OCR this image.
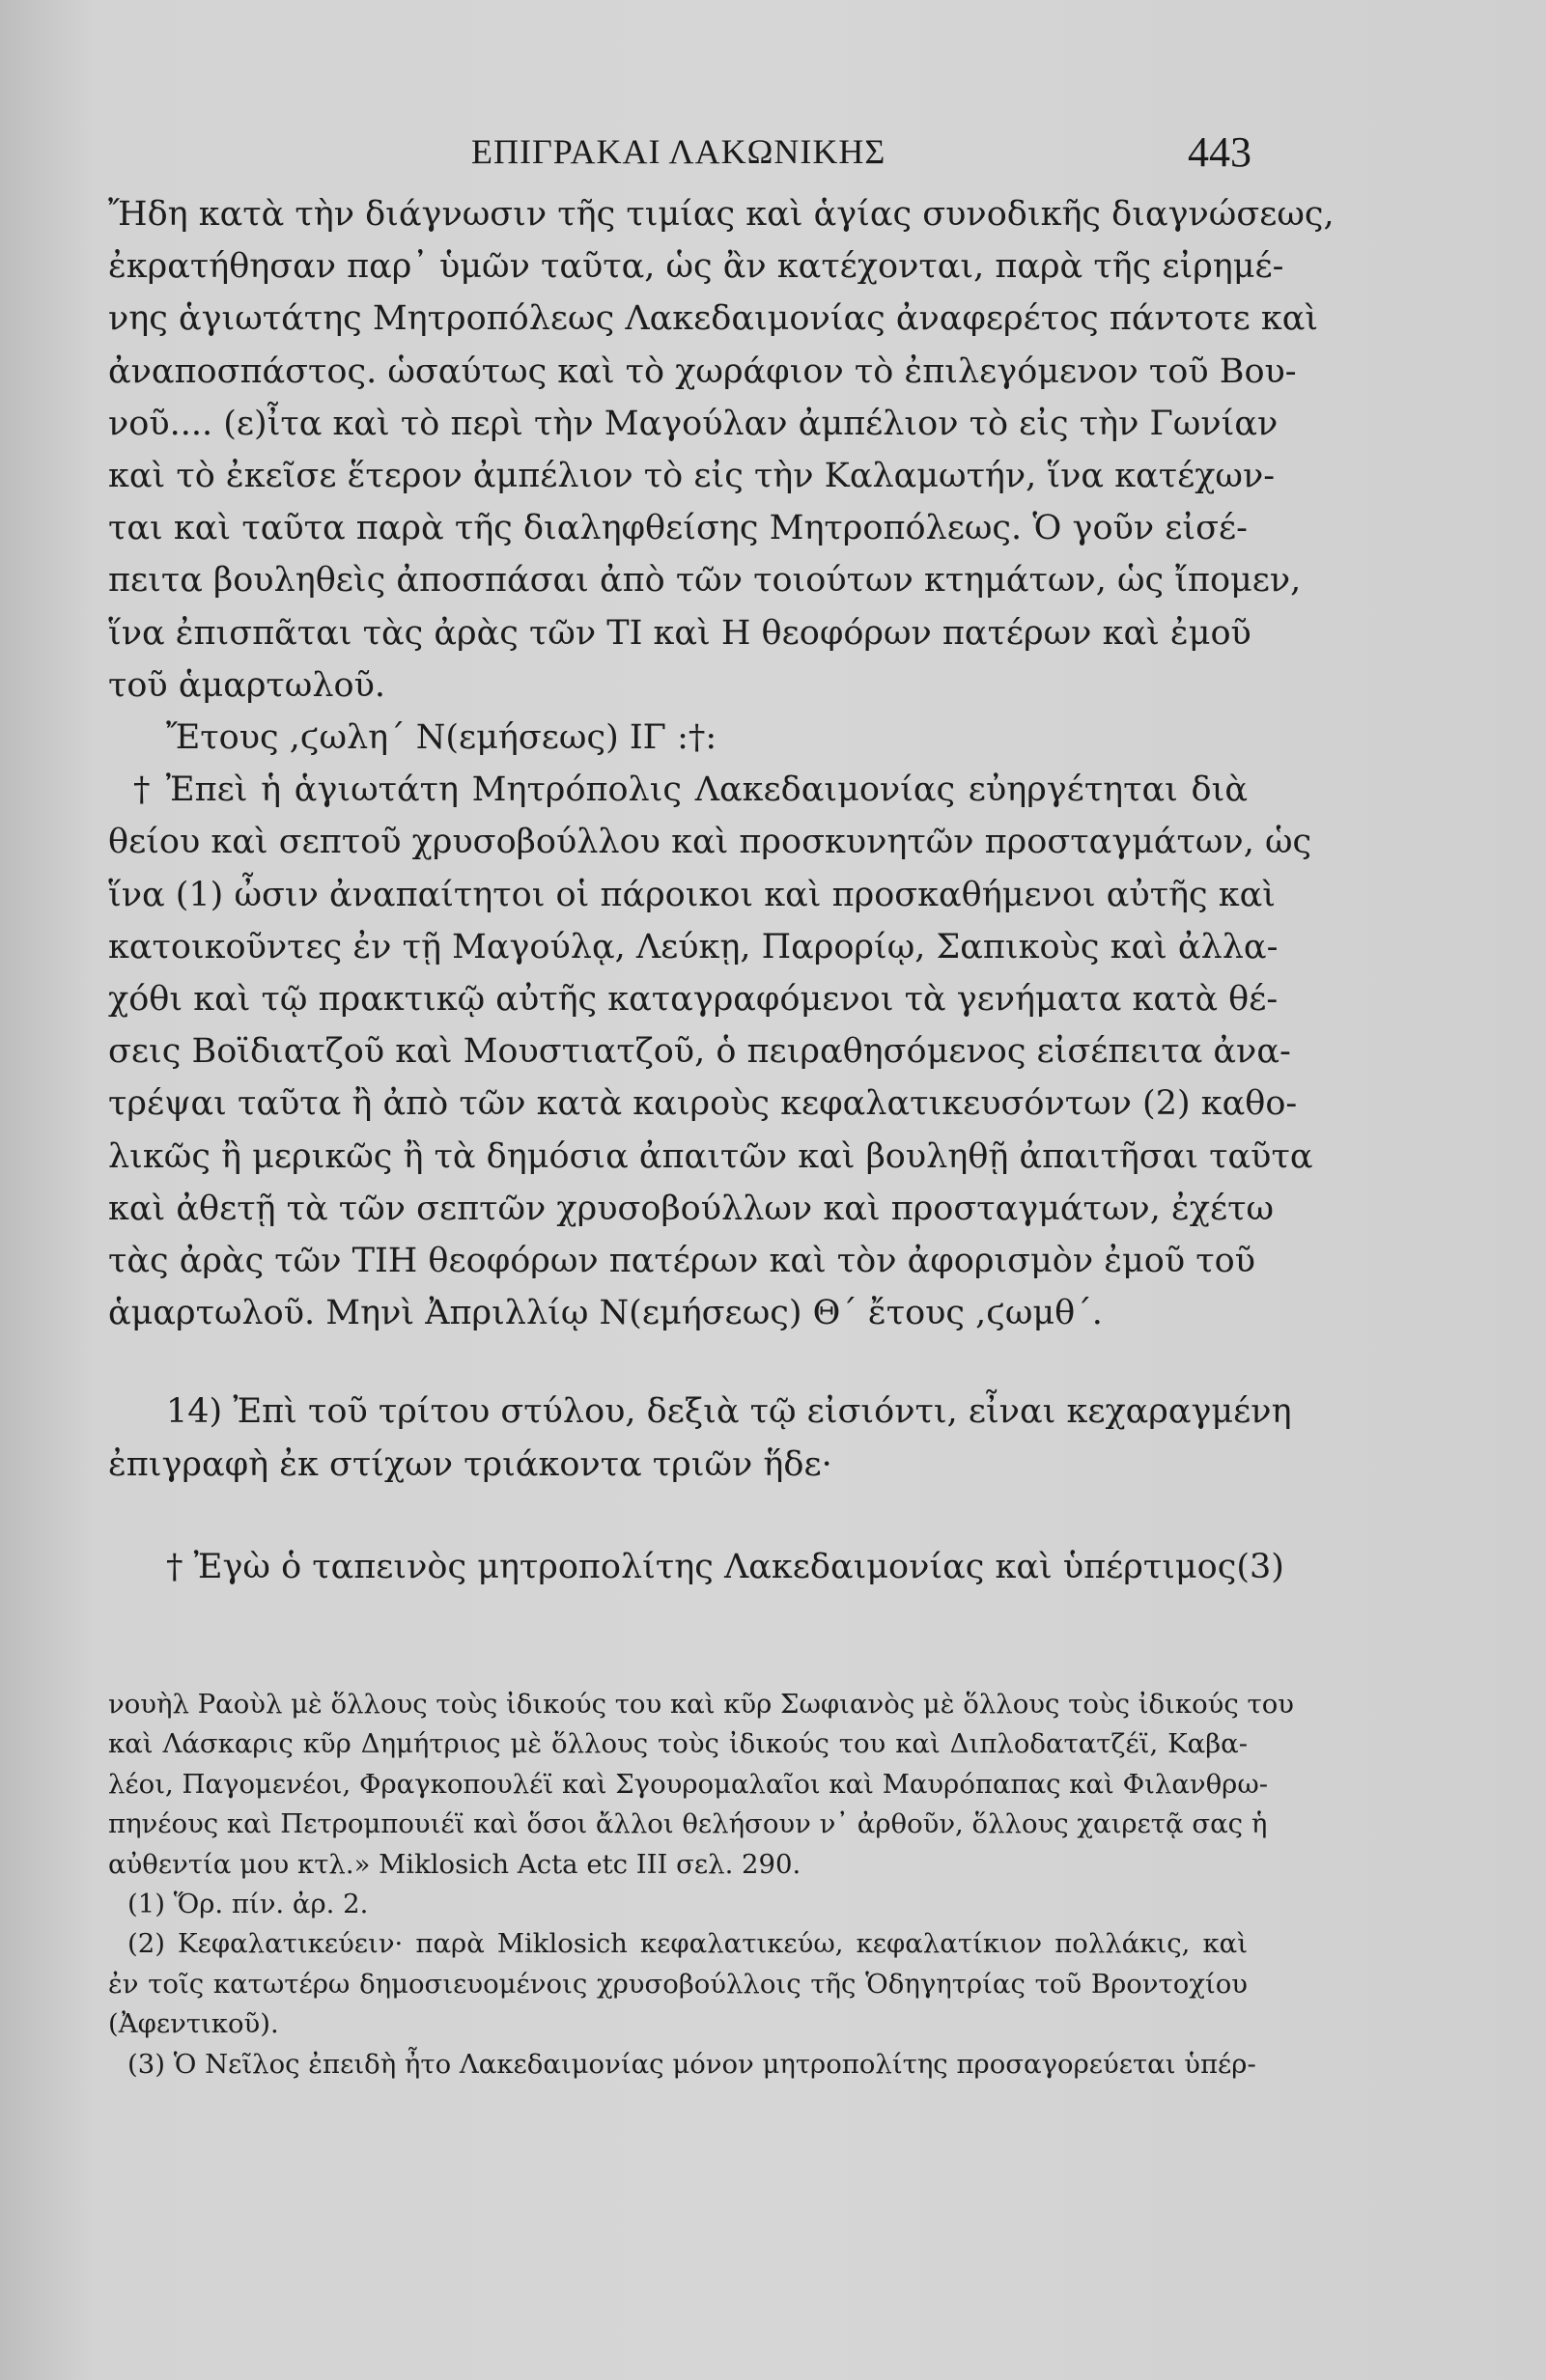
ΕΠΙΓΡΑΚΑΙ ΛΑΚΩΝΙΚΗΣ	443
Ἤδη κατὰ τὴν διάγνωσιν τῆς τιμίας καὶ ἁγίας συνοδικῆς διαγνώσεως,
ἐκρατήθησαν παρ᾽ ὑμῶν ταῦτα, ὡς ἂν κατέχονται, παρὰ τῆς εἰρημέ-
νης ἁγιωτάτης Μητροπόλεως Λακεδαιμονίας ἀναφερέτος πάντοτε καὶ
ἀναποσπάστος. ὡσαύτως καὶ τὸ χωράφιον τὸ ἐπιλεγόμενον τοῦ Βου-
νοῦ.... (ε)ἶτα καὶ τὸ περὶ τὴν Μαγούλαν ἀμπέλιον τὸ εἰς τὴν Γωνίαν
καὶ τὸ ἐκεῖσε ἕτερον ἀμπέλιον τὸ εἰς τὴν Καλαμωτήν, ἵνα κατέχων-
ται καὶ ταῦτα παρὰ τῆς διαληφθείσης Μητροπόλεως. Ὁ γοῦν εἰσέ-
πειτα βουληθεὶς ἀποσπάσαι ἀπὸ τῶν τοιούτων κτημάτων, ὡς ἴπομεν,
ἵνα ἐπισπᾶται τὰς ἀρὰς τῶν ΤΙ καὶ Η θεοφόρων πατέρων καὶ ἐμοῦ
τοῦ ἁμαρτωλοῦ.
Ἔτους ,ϛωλη΄ Ν(εμήσεως) ΙΓ :†:
† Ἐπεὶ ἡ ἁγιωτάτη Μητρόπολις Λακεδαιμονίας εὐηργέτηται διὰ
θείου καὶ σεπτοῦ χρυσοβούλλου καὶ προσκυνητῶν προσταγμάτων, ὡς
ἵνα (1) ὦσιν ἀναπαίτητοι οἱ πάροικοι καὶ προσκαθήμενοι αὐτῆς καὶ
κατοικοῦντες ἐν τῇ Μαγούλᾳ, Λεύκῃ, Παρορίῳ, Σαπικοὺς καὶ ἀλλα-
χόθι καὶ τῷ πρακτικῷ αὐτῆς καταγραφόμενοι τὰ γενήματα κατὰ θέ-
σεις Βοϊδιατζοῦ καὶ Μουστιατζοῦ, ὁ πειραθησόμενος εἰσέπειτα ἀνα-
τρέψαι ταῦτα ἢ ἀπὸ τῶν κατὰ καιροὺς κεφαλατικευσόντων (2) καθο-
λικῶς ἢ μερικῶς ἢ τὰ δημόσια ἀπαιτῶν καὶ βουληθῇ ἀπαιτῆσαι ταῦτα
καὶ ἀθετῇ τὰ τῶν σεπτῶν χρυσοβούλλων καὶ προσταγμάτων, ἐχέτω
τὰς ἀρὰς τῶν ΤΙΗ θεοφόρων πατέρων καὶ τὸν ἀφορισμὸν ἐμοῦ τοῦ
ἁμαρτωλοῦ. Μηνὶ Ἀπριλλίῳ Ν(εμήσεως) Θ΄ ἔτους ,ϛωμθ΄.
14) Ἐπὶ τοῦ τρίτου στύλου, δεξιὰ τῷ εἰσιόντι, εἶναι κεχαραγμένη
ἐπιγραφὴ ἐκ στίχων τριάκοντα τριῶν ἥδε·
† Ἐγὼ ὁ ταπεινὸς μητροπολίτης Λακεδαιμονίας καὶ ὑπέρτιμος(3)
νουὴλ Ραοὺλ μὲ ὅλλους τοὺς ἰδικούς του καὶ κῦρ Σωφιανὸς μὲ ὅλλους τοὺς ἰδικούς του
καὶ Λάσκαρις κῦρ Δημήτριος μὲ ὅλλους τοὺς ἰδικούς του καὶ Διπλοδατατζέϊ, Καβα-
λέοι, Παγομενέοι, Φραγκοπουλέϊ καὶ Σγουρομαλαῖοι καὶ Μαυρόπαπας καὶ Φιλανθρω-
πηνέους καὶ Πετρομπουιέϊ καὶ ὅσοι ἄλλοι θελήσουν ν᾽ ἀρθοῦν, ὅλλους χαιρετᾷ σας ἡ
αὐθεντία μου κτλ.» Miklosich Acta etc III σελ. 290.
(1) Ὅρ. πίν. ἀρ. 2.
(2) Κεφαλατικεύειν· παρὰ Miklosich κεφαλατικεύω, κεφαλατίκιον πολλάκις, καὶ
ἐν τοῖς κατωτέρω δημοσιευομένοις χρυσοβούλλοις τῆς Ὁδηγητρίας τοῦ Βροντοχίου
(Ἀφεντικοῦ).
(3) Ὁ Νεῖλος ἐπειδὴ ἦτο Λακεδαιμονίας μόνον μητροπολίτης προσαγορεύεται ὑπέρ-
